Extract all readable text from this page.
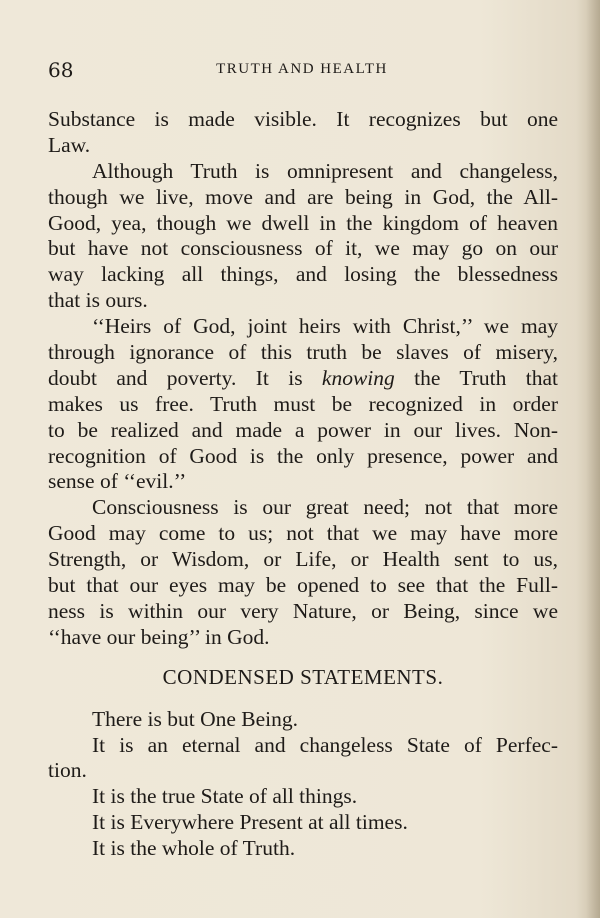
68	TRUTH AND HEALTH
Substance is made visible. It recognizes but one
Law.
Although Truth is omnipresent and changeless,
though we live, move and are being in God, the All-
Good, yea, though we dwell in the kingdom of heaven
but have not consciousness of it, we may go on our
way lacking all things, and losing the blessedness
that is ours.
‘‘Heirs of God, joint heirs with Christ,’’ we may
through ignorance of this truth be slaves of misery,
doubt and poverty. It is knowing the Truth that
makes us free. Truth must be recognized in order
to be realized and made a power in our lives. Non-
recognition of Good is the only presence, power and
sense of ‘‘evil.’’
Consciousness is our great need; not that more
Good may come to us; not that we may have more
Strength, or Wisdom, or Life, or Health sent to us,
but that our eyes may be opened to see that the Full-
ness is within our very Nature, or Being, since we
‘‘have our being’’ in God.
CONDENSED STATEMENTS.
There is but One Being.
It is an eternal and changeless State of Perfec-
tion.
It is the true State of all things.
It is Everywhere Present at all times.
It is the whole of Truth.
